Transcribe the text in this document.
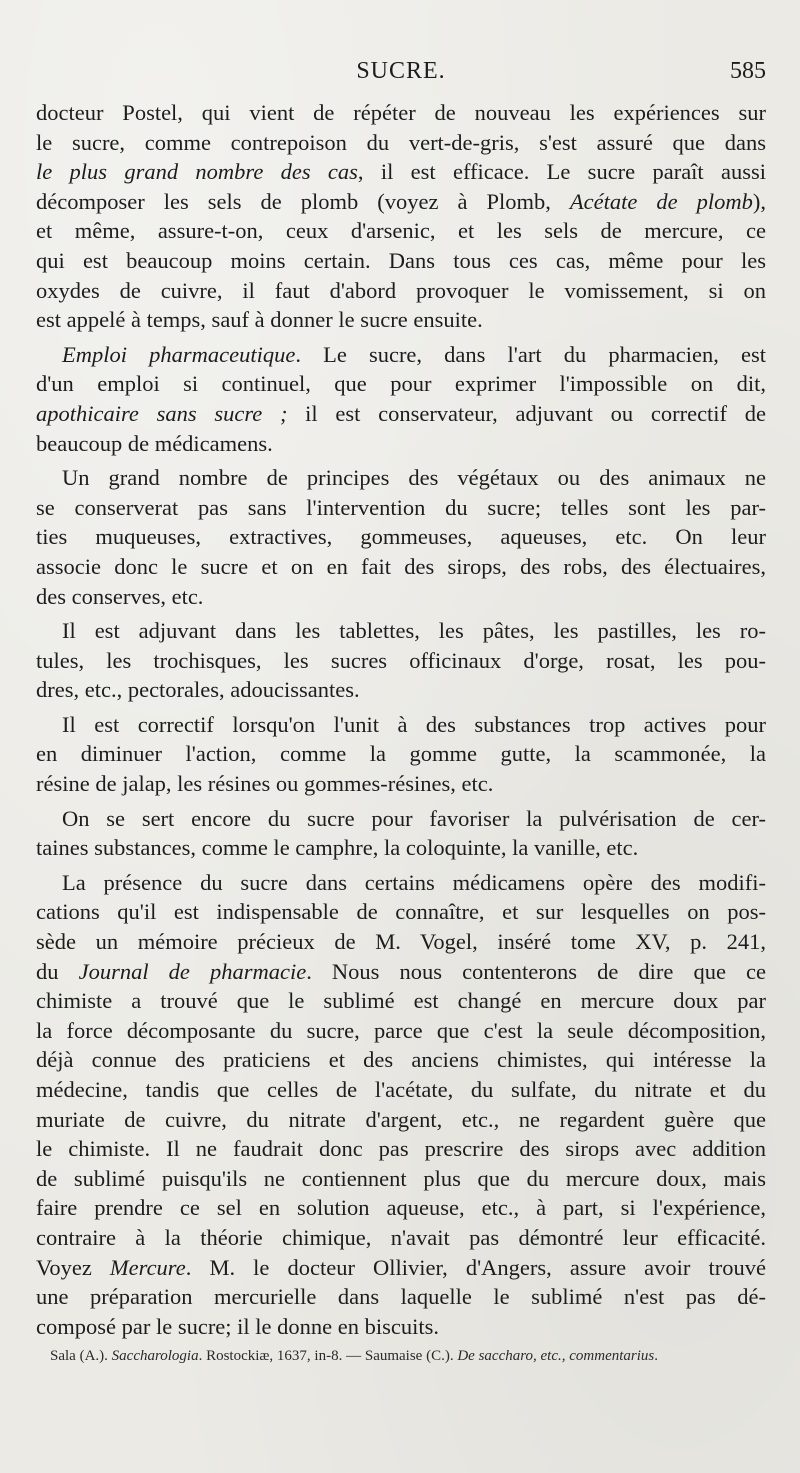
SUCRE.	585
docteur Postel, qui vient de répéter de nouveau les expériences sur
le sucre, comme contrepoison du vert-de-gris, s'est assuré que dans
le plus grand nombre des cas, il est efficace. Le sucre paraît aussi
décomposer les sels de plomb (voyez à Plomb, Acétate de plomb),
et même, assure-t-on, ceux d'arsenic, et les sels de mercure, ce
qui est beaucoup moins certain. Dans tous ces cas, même pour les
oxydes de cuivre, il faut d'abord provoquer le vomissement, si on
est appelé à temps, sauf à donner le sucre ensuite.
Emploi pharmaceutique. Le sucre, dans l'art du pharmacien, est
d'un emploi si continuel, que pour exprimer l'impossible on dit,
apothicaire sans sucre ; il est conservateur, adjuvant ou correctif de
beaucoup de médicamens.
Un grand nombre de principes des végétaux ou des animaux ne
se conserverat pas sans l'intervention du sucre; telles sont les par-
ties muqueuses, extractives, gommeuses, aqueuses, etc. On leur
associe donc le sucre et on en fait des sirops, des robs, des électuaires,
des conserves, etc.
Il est adjuvant dans les tablettes, les pâtes, les pastilles, les ro-
tules, les trochisques, les sucres officinaux d'orge, rosat, les pou-
dres, etc., pectorales, adoucissantes.
Il est correctif lorsqu'on l'unit à des substances trop actives pour
en diminuer l'action, comme la gomme gutte, la scammonée, la
résine de jalap, les résines ou gommes-résines, etc.
On se sert encore du sucre pour favoriser la pulvérisation de cer-
taines substances, comme le camphre, la coloquinte, la vanille, etc.
La présence du sucre dans certains médicamens opère des modifi-
cations qu'il est indispensable de connaître, et sur lesquelles on pos-
sède un mémoire précieux de M. Vogel, inséré tome XV, p. 241,
du Journal de pharmacie. Nous nous contenterons de dire que ce
chimiste a trouvé que le sublimé est changé en mercure doux par
la force décomposante du sucre, parce que c'est la seule décomposition,
déjà connue des praticiens et des anciens chimistes, qui intéresse la
médecine, tandis que celles de l'acétate, du sulfate, du nitrate et du
muriate de cuivre, du nitrate d'argent, etc., ne regardent guère que
le chimiste. Il ne faudrait donc pas prescrire des sirops avec addition
de sublimé puisqu'ils ne contiennent plus que du mercure doux, mais
faire prendre ce sel en solution aqueuse, etc., à part, si l'expérience,
contraire à la théorie chimique, n'avait pas démontré leur efficacité.
Voyez Mercure. M. le docteur Ollivier, d'Angers, assure avoir trouvé
une préparation mercurielle dans laquelle le sublimé n'est pas dé-
composé par le sucre; il le donne en biscuits.
Sala (A.). Saccharologia. Rostockiæ, 1637, in-8. — Saumaise (C.). De saccharo, etc., commentarius.
